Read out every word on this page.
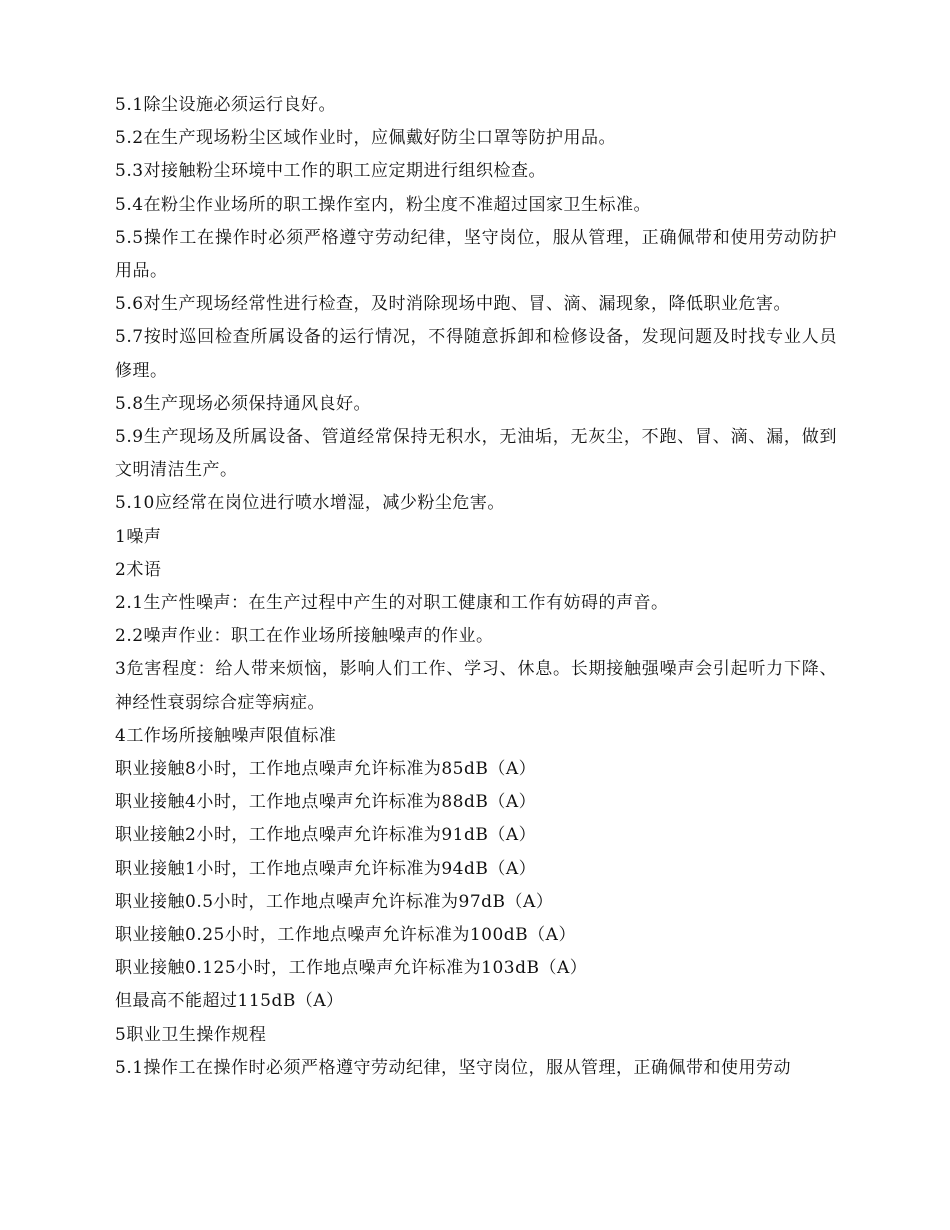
5.1除尘设施必须运行良好。

5.2在生产现场粉尘区域作业时，应佩戴好防尘口罩等防护用品。

5.3对接触粉尘环境中工作的职工应定期进行组织检查。

5.4在粉尘作业场所的职工操作室内，粉尘度不准超过国家卫生标准。

5.5操作工在操作时必须严格遵守劳动纪律，坚守岗位，服从管理，正确佩带和使用劳动防护用品。

5.6对生产现场经常性进行检查，及时消除现场中跑、冒、滴、漏现象，降低职业危害。

5.7按时巡回检查所属设备的运行情况，不得随意拆卸和检修设备，发现问题及时找专业人员修理。

5.8生产现场必须保持通风良好。

5.9生产现场及所属设备、管道经常保持无积水，无油垢，无灰尘，不跑、冒、滴、漏，做到文明清洁生产。

5.10应经常在岗位进行喷水增湿，减少粉尘危害。

1噪声

2术语

2.1生产性噪声：在生产过程中产生的对职工健康和工作有妨碍的声音。

2.2噪声作业：职工在作业场所接触噪声的作业。

3危害程度：给人带来烦恼，影响人们工作、学习、休息。长期接触强噪声会引起听力下降、神经性衰弱综合症等病症。

4工作场所接触噪声限值标准

职业接触8小时，工作地点噪声允许标准为85dB（A）

职业接触4小时，工作地点噪声允许标准为88dB（A）

职业接触2小时，工作地点噪声允许标准为91dB（A）

职业接触1小时，工作地点噪声允许标准为94dB（A）

职业接触0.5小时，工作地点噪声允许标准为97dB（A）

职业接触0.25小时，工作地点噪声允许标准为100dB（A）

职业接触0.125小时，工作地点噪声允许标准为103dB（A）

但最高不能超过115dB（A）

5职业卫生操作规程

5.1操作工在操作时必须严格遵守劳动纪律，坚守岗位，服从管理，正确佩带和使用劳动
